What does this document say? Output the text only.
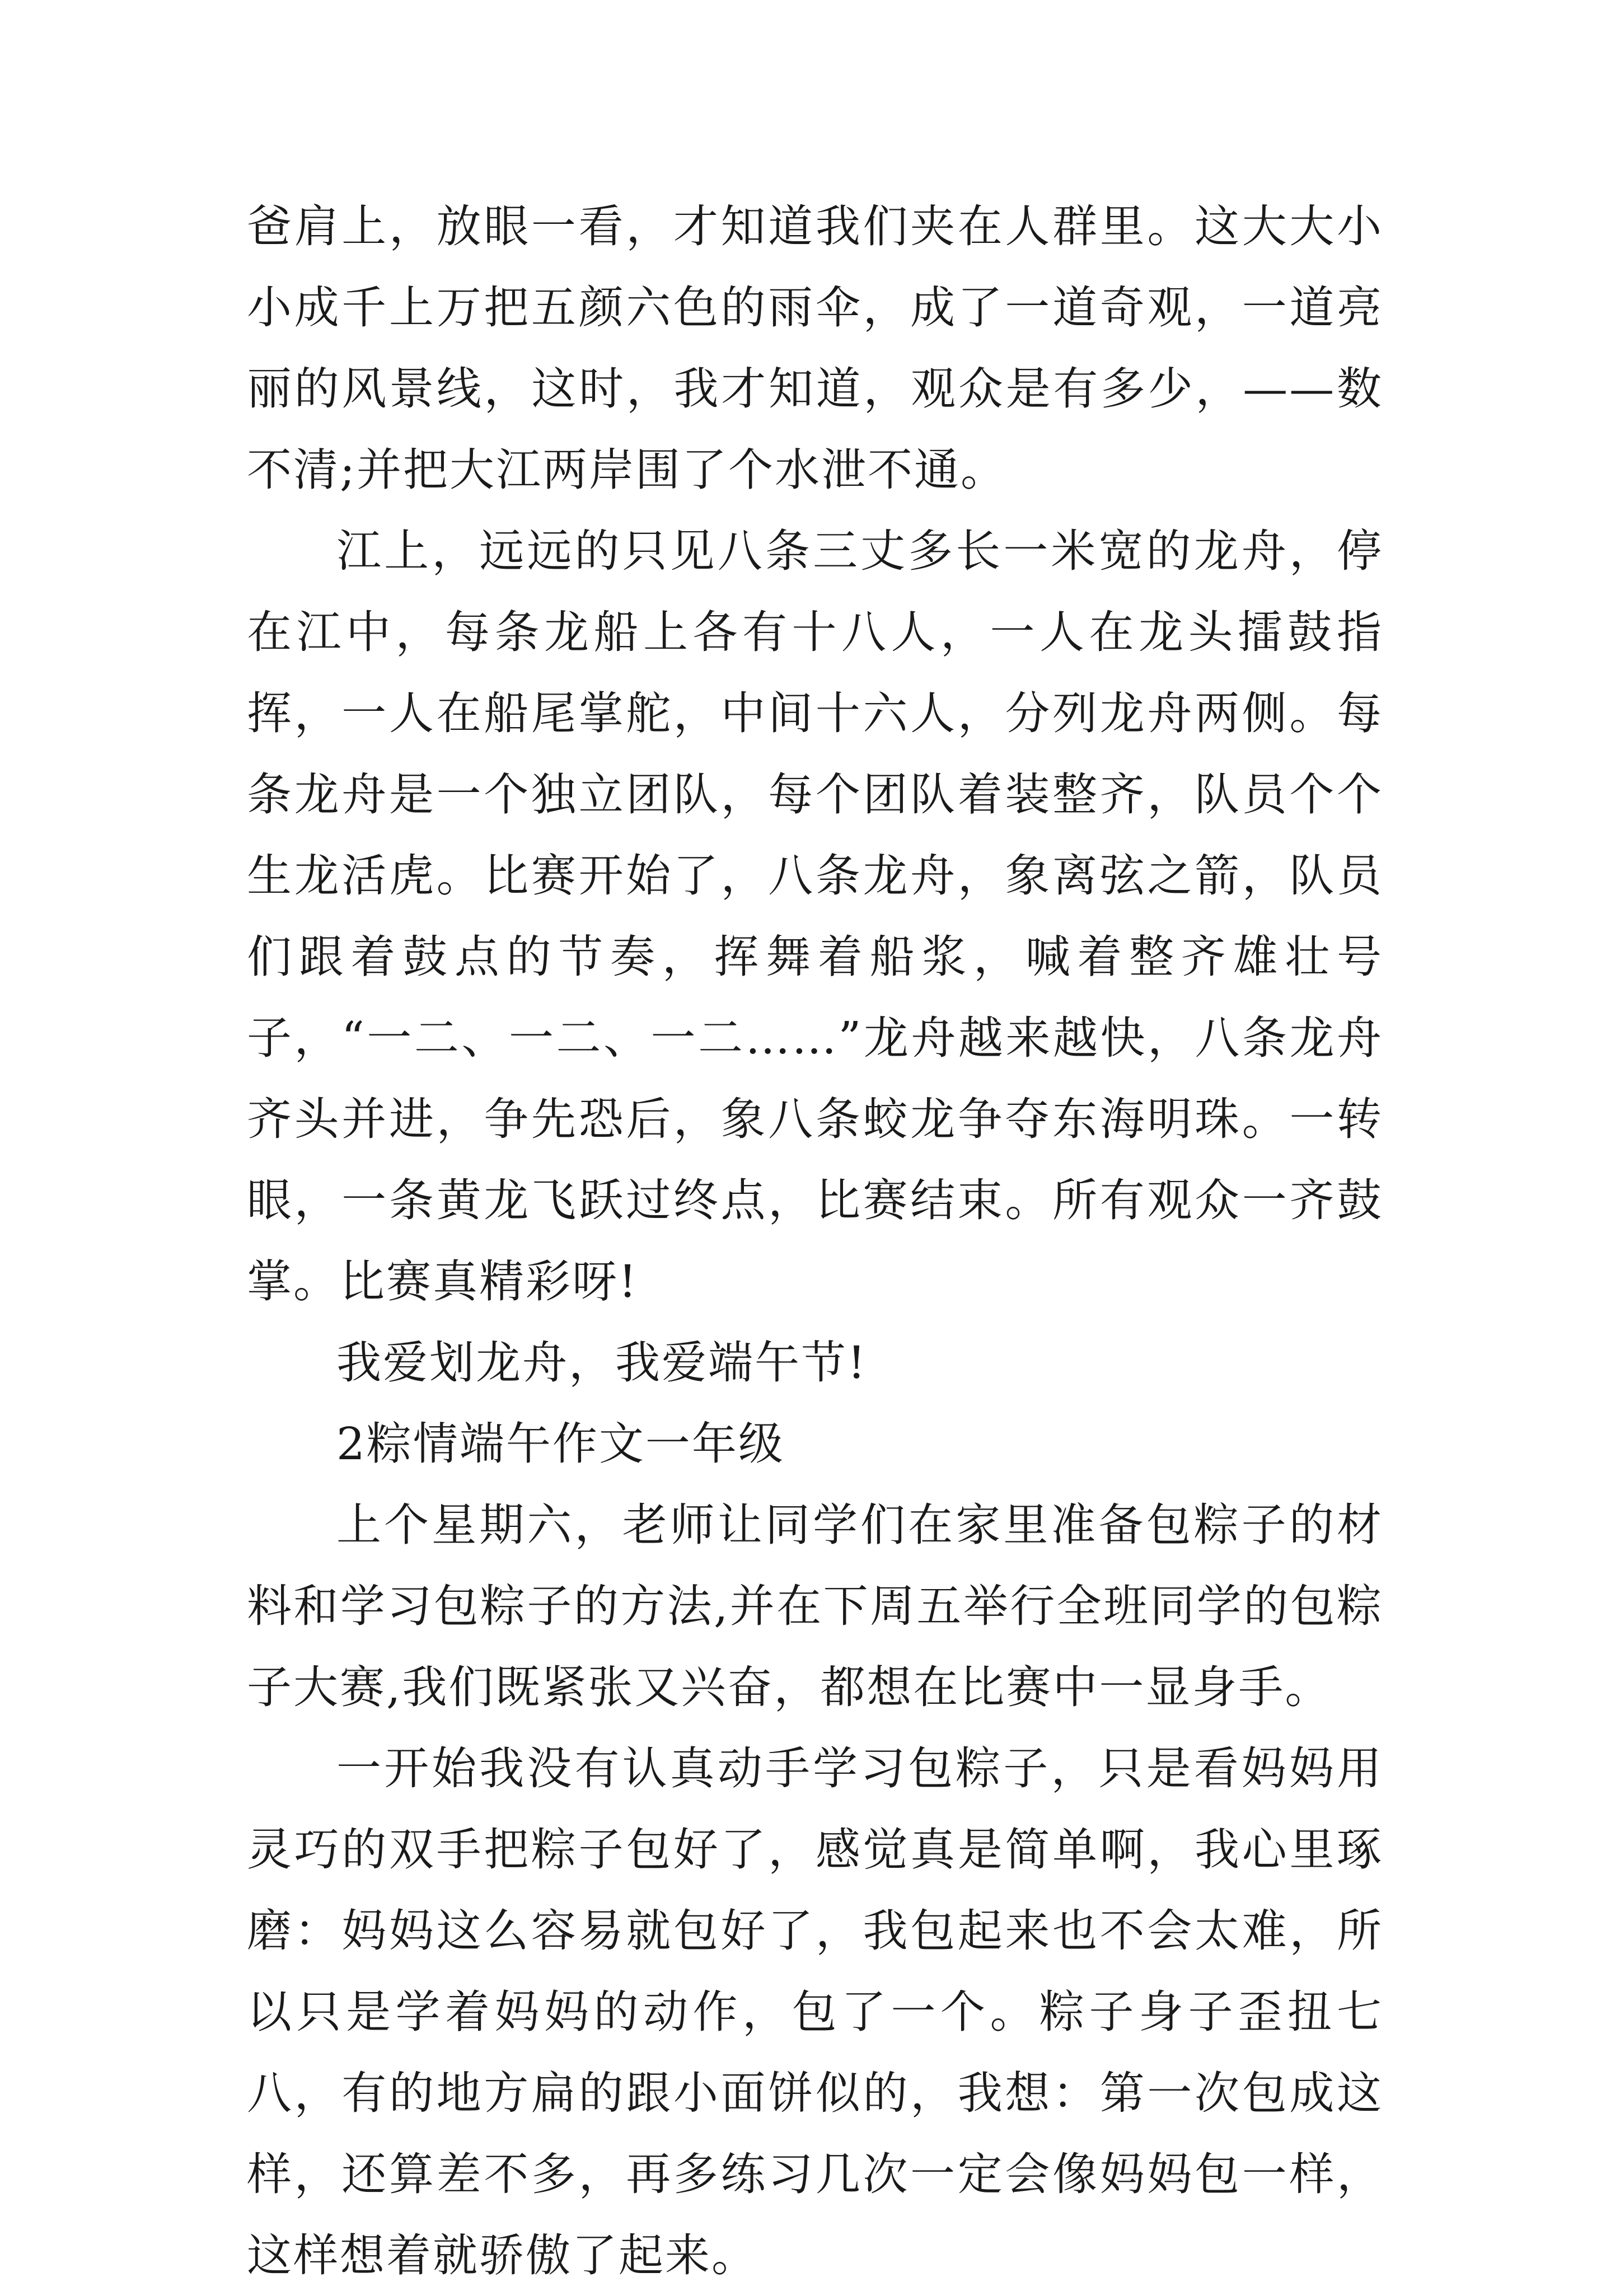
爸肩上，放眼一看，才知道我们夹在人群里。这大大小小成千上万把五颜六色的雨伞，成了一道奇观，一道亮丽的风景线，这时，我才知道，观众是有多少，——数不清;并把大江两岸围了个水泄不通。

江上，远远的只见八条三丈多长一米宽的龙舟，停在江中，每条龙船上各有十八人，一人在龙头擂鼓指挥，一人在船尾掌舵，中间十六人，分列龙舟两侧。每条龙舟是一个独立团队，每个团队着装整齐，队员个个生龙活虎。比赛开始了，八条龙舟，象离弦之箭，队员们跟着鼓点的节奏，挥舞着船浆，喊着整齐雄壮号子，“一二、一二、一二……”龙舟越来越快，八条龙舟齐头并进，争先恐后，象八条蛟龙争夺东海明珠。一转眼，一条黄龙飞跃过终点，比赛结束。所有观众一齐鼓掌。比赛真精彩呀!

我爱划龙舟，我爱端午节!

2粽情端午作文一年级

上个星期六，老师让同学们在家里准备包粽子的材料和学习包粽子的方法,并在下周五举行全班同学的包粽子大赛,我们既紧张又兴奋，都想在比赛中一显身手。

一开始我没有认真动手学习包粽子，只是看妈妈用灵巧的双手把粽子包好了，感觉真是简单啊，我心里琢磨：妈妈这么容易就包好了，我包起来也不会太难，所以只是学着妈妈的动作，包了一个。粽子身子歪扭七八，有的地方扁的跟小面饼似的，我想：第一次包成这样，还算差不多，再多练习几次一定会像妈妈包一样，这样想着就骄傲了起来。
